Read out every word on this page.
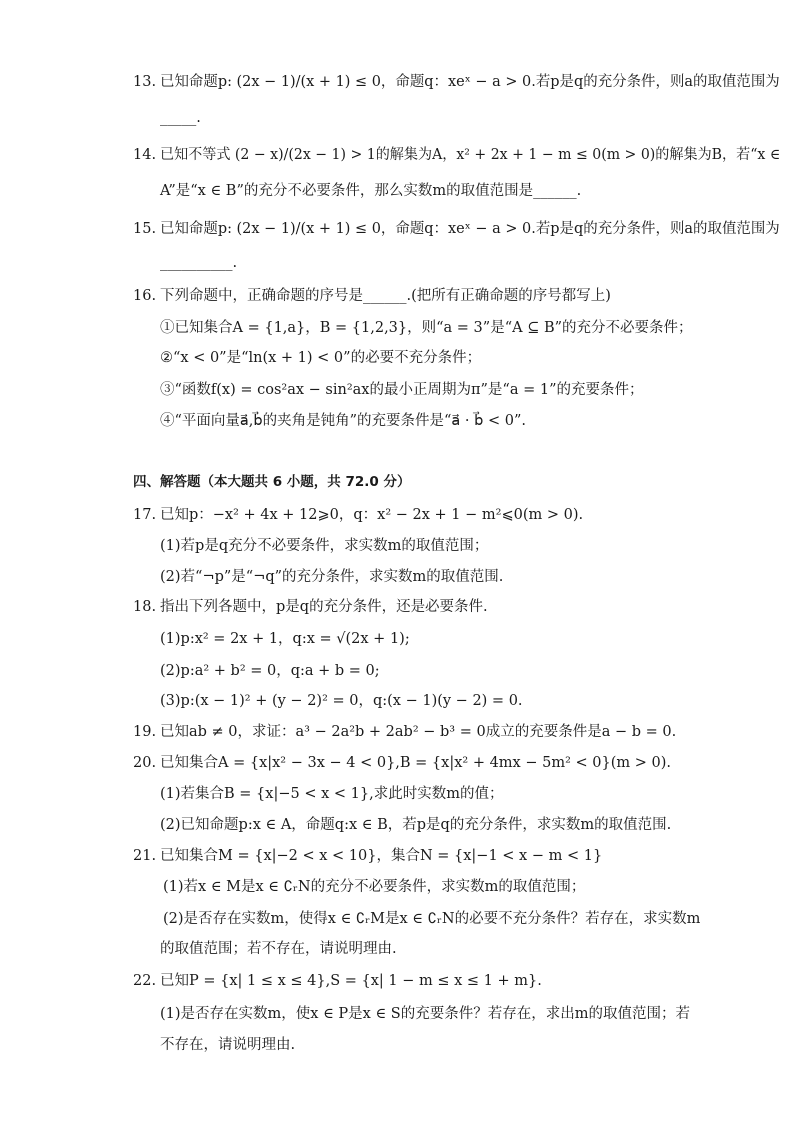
13. 已知命题p: (2x − 1)/(x + 1) ≤ 0，命题q：xeˣ − a > 0.若p是q的充分条件，则a的取值范围为
_____.
14. 已知不等式 (2 − x)/(2x − 1) > 1的解集为A，x² + 2x + 1 − m ≤ 0(m > 0)的解集为B，若“x ∈
A”是“x ∈ B”的充分不必要条件，那么实数m的取值范围是______.
15. 已知命题p: (2x − 1)/(x + 1) ≤ 0，命题q：xeˣ − a > 0.若p是q的充分条件，则a的取值范围为
__________.
16. 下列命题中，正确命题的序号是______.(把所有正确命题的序号都写上)
①已知集合A = {1,a}，B = {1,2,3}，则“a = 3”是“A ⊆ B”的充分不必要条件；
②“x < 0”是“ln(x + 1) < 0”的必要不充分条件；
③“函数f(x) = cos²ax − sin²ax的最小正周期为π”是“a = 1”的充要条件；
④“平面向量a⃗,b⃗的夹角是钝角”的充要条件是“a⃗ · b⃗ < 0”.
四、解答题（本大题共 6 小题，共 72.0 分）
17. 已知p：−x² + 4x + 12⩾0，q：x² − 2x + 1 − m²⩽0(m > 0).
(1)若p是q充分不必要条件，求实数m的取值范围；
(2)若“¬p”是“¬q”的充分条件，求实数m的取值范围.
18. 指出下列各题中，p是q的充分条件，还是必要条件.
(1)p:x² = 2x + 1，q:x = √(2x + 1);
(2)p:a² + b² = 0，q:a + b = 0;
(3)p:(x − 1)² + (y − 2)² = 0，q:(x − 1)(y − 2) = 0.
19. 已知ab ≠ 0，求证：a³ − 2a²b + 2ab² − b³ = 0成立的充要条件是a − b = 0.
20. 已知集合A = {x|x² − 3x − 4 < 0},B = {x|x² + 4mx − 5m² < 0}(m > 0).
(1)若集合B = {x|−5 < x < 1},求此时实数m的值；
(2)已知命题p:x ∈ A，命题q:x ∈ B，若p是q的充分条件，求实数m的取值范围.
21. 已知集合M = {x|−2 < x < 10}，集合N = {x|−1 < x − m < 1}
(1)若x ∈ M是x ∈ ∁ᵣN的充分不必要条件，求实数m的取值范围；
(2)是否存在实数m，使得x ∈ ∁ᵣM是x ∈ ∁ᵣN的必要不充分条件？若存在，求实数m
的取值范围；若不存在，请说明理由.
22. 已知P = {x| 1 ≤ x ≤ 4},S = {x| 1 − m ≤ x ≤ 1 + m}.
(1)是否存在实数m，使x ∈ P是x ∈ S的充要条件？若存在，求出m的取值范围；若
不存在，请说明理由.
